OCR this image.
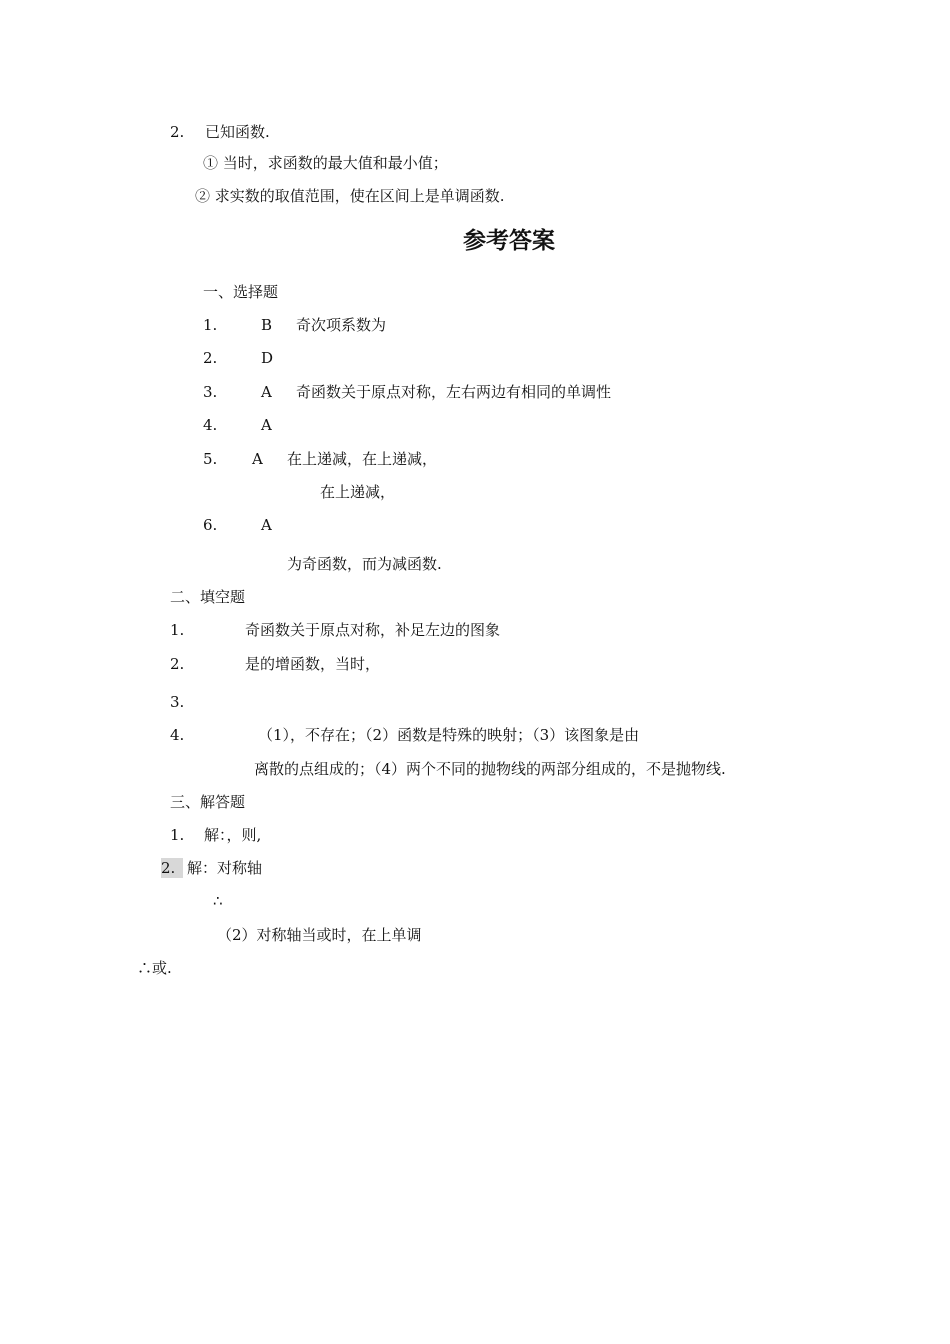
2. 已知函数.
① 当时，求函数的最大值和最小值；
② 求实数的取值范围，使在区间上是单调函数.
参考答案
一、选择题
1.	B 奇次项系数为
2.	D
3.	A 奇函数关于原点对称，左右两边有相同的单调性
4.	A
5. A 在上递减，在上递减，
在上递减，
6.	A
为奇函数，而为减函数.
二、填空题
1.	奇函数关于原点对称，补足左边的图象
2.	是的增函数，当时，
3.
4.	（1），不存在；（2）函数是特殊的映射；（3）该图象是由
离散的点组成的；（4）两个不同的抛物线的两部分组成的，不是抛物线.
三、解答题
1. 解：，则,
2. 解：对称轴
∴
（2）对称轴当或时，在上单调
∴或.
